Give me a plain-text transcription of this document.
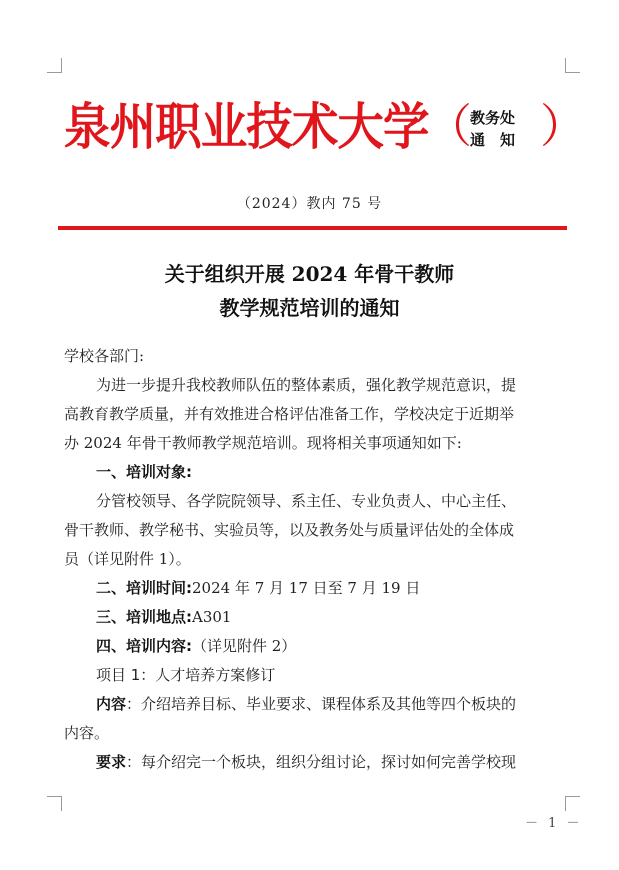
泉州职业技术大学
（
教务处
通　知 ）
（2024）教内 75 号
关于组织开展 2024 年骨干教师
教学规范培训的通知
学校各部门:
为进一步提升我校教师队伍的整体素质，强化教学规范意识，提
高教育教学质量，并有效推进合格评估准备工作，学校决定于近期举
办 2024 年骨干教师教学规范培训。现将相关事项通知如下:
一、培训对象:
分管校领导、各学院院领导、系主任、专业负责人、中心主任、
骨干教师、教学秘书、实验员等，以及教务处与质量评估处的全体成
员（详见附件 1）。
二、培训时间:2024 年 7 月 17 日至 7 月 19 日
三、培训地点:A301
四、培训内容:（详见附件 2）
项目 1：人才培养方案修订
内容：介绍培养目标、毕业要求、课程体系及其他等四个板块的
内容。
要求：每介绍完一个板块，组织分组讨论，探讨如何完善学校现
－ 1 －
